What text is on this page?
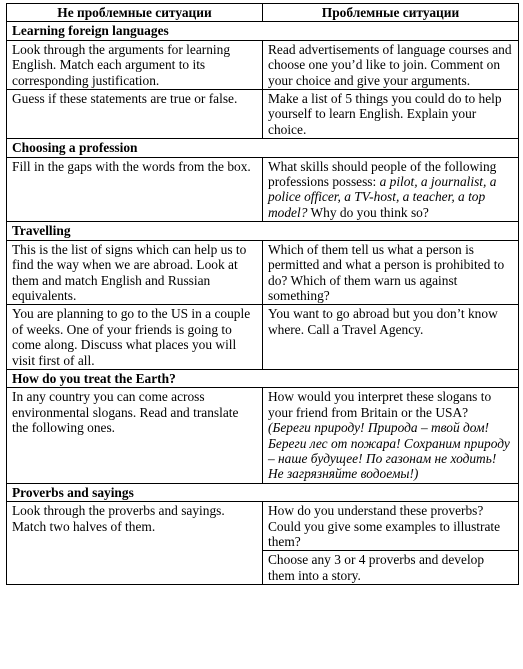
Не проблемные ситуации	Проблемные ситуации
Learning foreign languages	
Look through the arguments for learning English. Match each argument to its corresponding justification.	Read advertisements of language courses and choose one you’d like to join. Comment on your choice and give your arguments.
Guess if these statements are true or false.	Make a list of 5 things you could do to help yourself to learn English. Explain your choice.
Choosing a profession	
Fill in the gaps with the words from the box.	What skills should people of the following professions possess: a pilot, a journalist, a police officer, a TV-host, a teacher, a top model? Why do you think so?
Travelling	
This is the list of signs which can help us to find the way when we are abroad. Look at them and match English and Russian equivalents.	Which of them tell us what a person is permitted and what a person is prohibited to do? Which of them warn us against something?
You are planning to go to the US in a couple of weeks. One of your friends is going to come along. Discuss what places you will visit first of all.	You want to go abroad but you don’t know where. Call a Travel Agency.
How do you treat the Earth?	
In any country you can come across environmental slogans. Read and translate the following ones.	How would you interpret these slogans to your friend from Britain or the USA? (Береги природу! Природа – твой дом! Береги лес от пожара! Сохраним природу – наше будущее! По газонам не ходить! Не загрязняйте водоемы!)
Proverbs and sayings	
Look through the proverbs and sayings. Match two halves of them.	How do you understand these proverbs? Could you give some examples to illustrate them?
	Choose any 3 or 4 proverbs and develop them into a story.
